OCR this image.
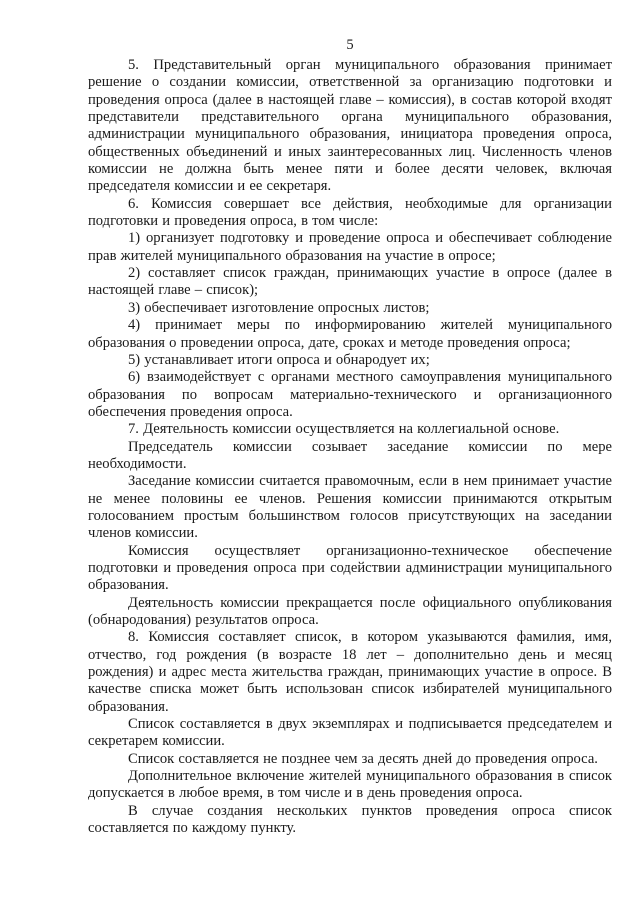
5

5. Представительный орган муниципального образования принимает решение о создании комиссии, ответственной за организацию подготовки и проведения опроса (далее в настоящей главе – комиссия), в состав которой входят представители представительного органа муниципального образования, администрации муниципального образования, инициатора проведения опроса, общественных объединений и иных заинтересованных лиц. Численность членов комиссии не должна быть менее пяти и более десяти человек, включая председателя комиссии и ее секретаря.

6. Комиссия совершает все действия, необходимые для организации подготовки и проведения опроса, в том числе:

1) организует подготовку и проведение опроса и обеспечивает соблюдение прав жителей муниципального образования на участие в опросе;

2) составляет список граждан, принимающих участие в опросе (далее в настоящей главе – список);

3) обеспечивает изготовление опросных листов;

4) принимает меры по информированию жителей муниципального образования о проведении опроса, дате, сроках и методе проведения опроса;

5) устанавливает итоги опроса и обнародует их;

6) взаимодействует с органами местного самоуправления муниципального образования по вопросам материально-технического и организационного обеспечения проведения опроса.

7. Деятельность комиссии осуществляется на коллегиальной основе.

Председатель комиссии созывает заседание комиссии по мере необходимости.

Заседание комиссии считается правомочным, если в нем принимает участие не менее половины ее членов. Решения комиссии принимаются открытым голосованием простым большинством голосов присутствующих на заседании членов комиссии.

Комиссия осуществляет организационно-техническое обеспечение подготовки и проведения опроса при содействии администрации муниципального образования.

Деятельность комиссии прекращается после официального опубликования (обнародования) результатов опроса.

8. Комиссия составляет список, в котором указываются фамилия, имя, отчество, год рождения (в возрасте 18 лет – дополнительно день и месяц рождения) и адрес места жительства граждан, принимающих участие в опросе. В качестве списка может быть использован список избирателей муниципального образования.

Список составляется в двух экземплярах и подписывается председателем и секретарем комиссии.

Список составляется не позднее чем за десять дней до проведения опроса.

Дополнительное включение жителей муниципального образования в список допускается в любое время, в том числе и в день проведения опроса.

В случае создания нескольких пунктов проведения опроса список составляется по каждому пункту.
